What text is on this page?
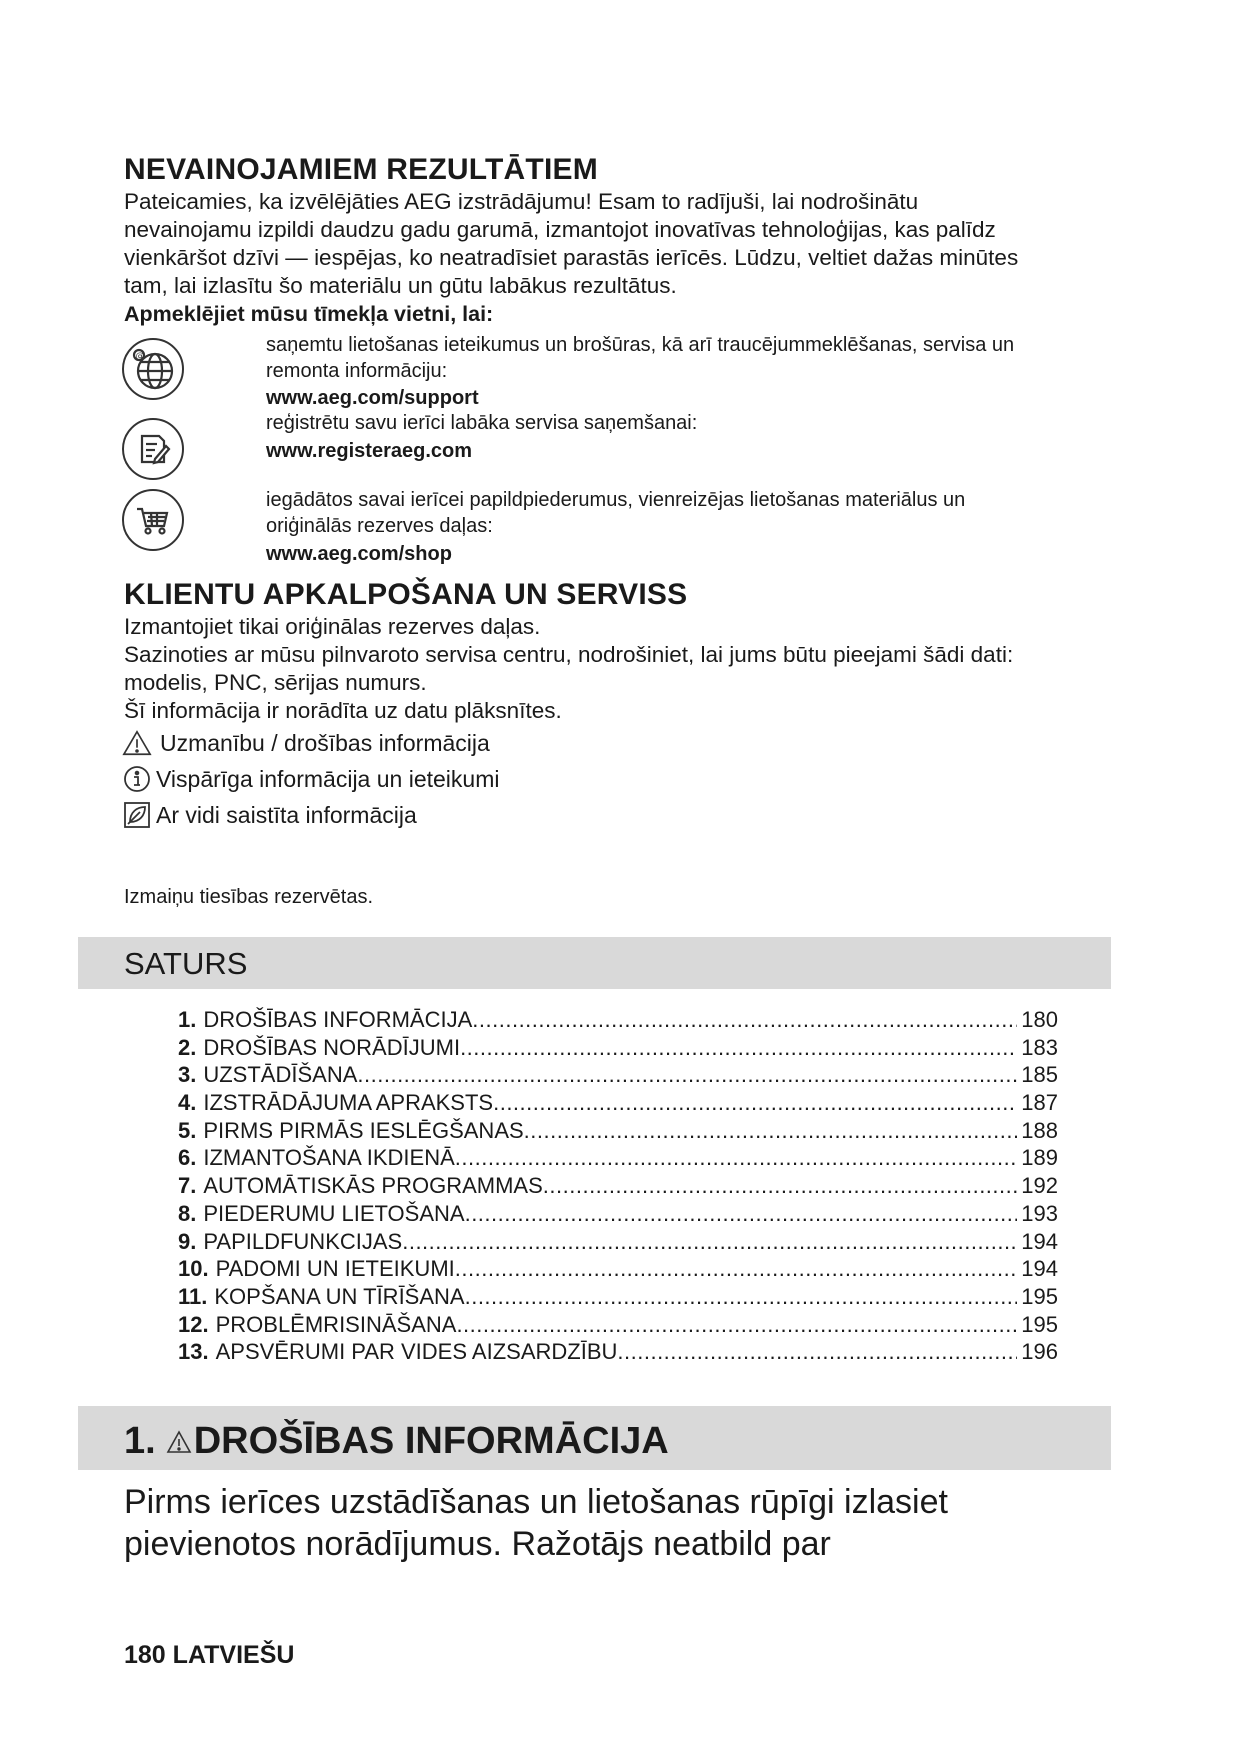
NEVAINOJAMIEM REZULTĀTIEM
Pateicamies, ka izvēlējāties AEG izstrādājumu! Esam to radījuši, lai nodrošinātu
nevainojamu izpildi daudzu gadu garumā, izmantojot inovatīvas tehnoloģijas, kas palīdz
vienkāršot dzīvi — iespējas, ko neatradīsiet parastās ierīcēs. Lūdzu, veltiet dažas minūtes
tam, lai izlasītu šo materiālu un gūtu labākus rezultātus.
Apmeklējiet mūsu tīmekļa vietni, lai:
@
saņemtu lietošanas ieteikumus un brošūras, kā arī traucējummeklēšanas, servisa un
remonta informāciju:
www.aeg.com/support
reģistrētu savu ierīci labāka servisa saņemšanai:
www.registeraeg.com
iegādātos savai ierīcei papildpiederumus, vienreizējas lietošanas materiālus un
oriģinālās rezerves daļas:
www.aeg.com/shop
KLIENTU APKALPOŠANA UN SERVISS
Izmantojiet tikai oriģinālas rezerves daļas.
Sazinoties ar mūsu pilnvaroto servisa centru, nodrošiniet, lai jums būtu pieejami šādi dati:
modelis, PNC, sērijas numurs.
Šī informācija ir norādīta uz datu plāksnītes.
Uzmanību / drošības informācija
Vispārīga informācija un ieteikumi
Ar vidi saistīta informācija
Izmaiņu tiesības rezervētas.
SATURS
1. DROŠĪBAS INFORMĀCIJA .....	180
2. DROŠĪBAS NORĀDĪJUMI .....	183
3. UZSTĀDĪŠANA .....	185
4. IZSTRĀDĀJUMA APRAKSTS .....	187
5. PIRMS PIRMĀS IESLĒGŠANAS .....	188
6. IZMANTOŠANA IKDIENĀ .....	189
7. AUTOMĀTISKĀS PROGRAMMAS .....	192
8. PIEDERUMU LIETOŠANA .....	193
9. PAPILDFUNKCIJAS .....	194
10. PADOMI UN IETEIKUMI .....	194
11. KOPŠANA UN TĪRĪŠANA .....	195
12. PROBLĒMRISINĀŠANA .....	195
13. APSVĒRUMI PAR VIDES AIZSARDZĪBU .....	196
1. DROŠĪBAS INFORMĀCIJA
Pirms ierīces uzstādīšanas un lietošanas rūpīgi izlasiet
pievienotos norādījumus. Ražotājs neatbild par
180 LATVIEŠU
